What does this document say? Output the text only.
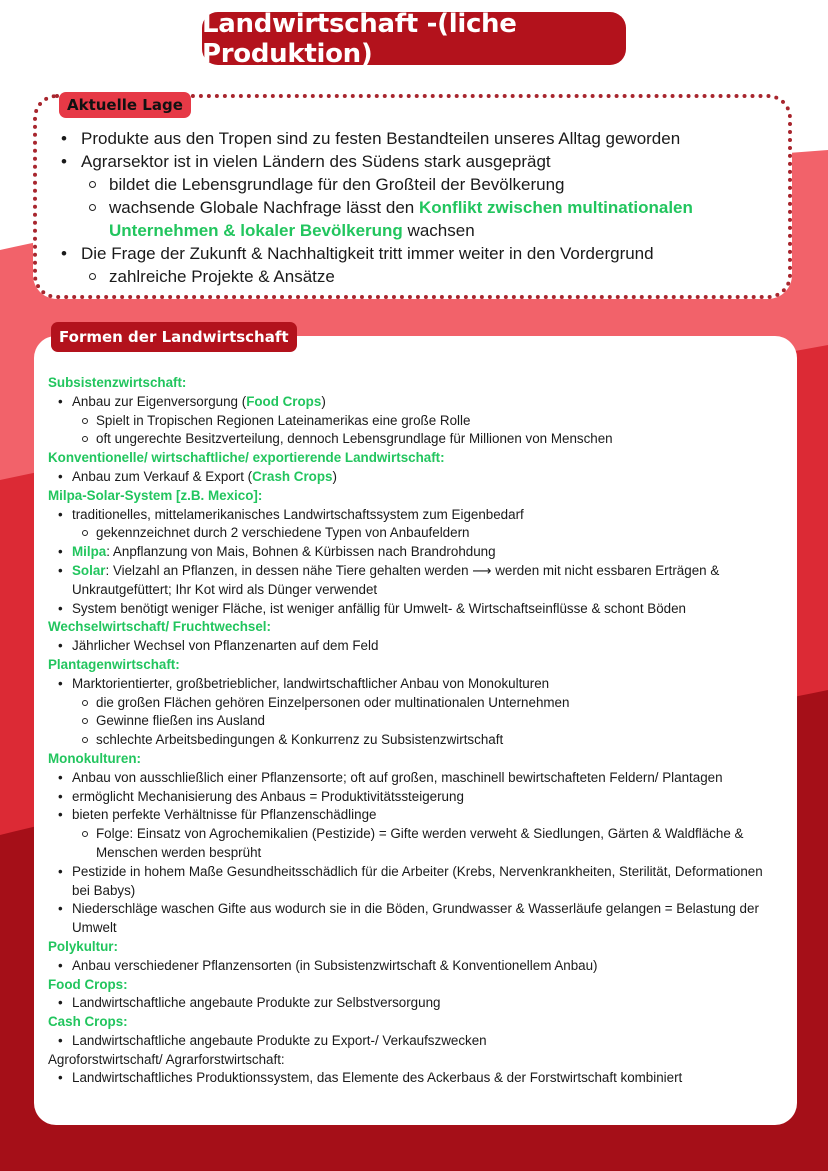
Landwirtschaft -(liche Produktion)
• Produkte aus den Tropen sind zu festen Bestandteilen unseres Alltag geworden
• Agrarsektor ist in vielen Ländern des Südens stark ausgeprägt
bildet die Lebensgrundlage für den Großteil der Bevölkerung
wachsende Globale Nachfrage lässt den Konflikt zwischen multinationalen Unternehmen & lokaler Bevölkerung wachsen
• Die Frage der Zukunft & Nachhaltigkeit tritt immer weiter in den Vordergrund
zahlreiche Projekte & Ansätze
Aktuelle Lage
Subsistenzwirtschaft:
• Anbau zur Eigenversorgung (Food Crops)
Spielt in Tropischen Regionen Lateinamerikas eine große Rolle
oft ungerechte Besitzverteilung, dennoch Lebensgrundlage für Millionen von Menschen
Konventionelle/ wirtschaftliche/ exportierende Landwirtschaft:
• Anbau zum Verkauf & Export (Crash Crops)
Milpa-Solar-System [z.B. Mexico]:
• traditionelles, mittelamerikanisches Landwirtschaftssystem zum Eigenbedarf
gekennzeichnet durch 2 verschiedene Typen von Anbaufeldern
• Milpa: Anpflanzung von Mais, Bohnen & Kürbissen nach Brandrohdung
• Solar: Vielzahl an Pflanzen, in dessen nähe Tiere gehalten werden ⟶ werden mit nicht essbaren Erträgen & Unkrautgefüttert; Ihr Kot wird als Dünger verwendet
• System benötigt weniger Fläche, ist weniger anfällig für Umwelt- & Wirtschaftseinflüsse & schont Böden
Wechselwirtschaft/ Fruchtwechsel:
• Jährlicher Wechsel von Pflanzenarten auf dem Feld
Plantagenwirtschaft:
• Marktorientierter, großbetrieblicher, landwirtschaftlicher Anbau von Monokulturen
die großen Flächen gehören Einzelpersonen oder multinationalen Unternehmen
Gewinne fließen ins Ausland
schlechte Arbeitsbedingungen & Konkurrenz zu Subsistenzwirtschaft
Monokulturen:
• Anbau von ausschließlich einer Pflanzensorte; oft auf großen, maschinell bewirtschafteten Feldern/ Plantagen
• ermöglicht Mechanisierung des Anbaus = Produktivitätssteigerung
• bieten perfekte Verhältnisse für Pflanzenschädlinge
Folge: Einsatz von Agrochemikalien (Pestizide) = Gifte werden verweht & Siedlungen, Gärten & Waldfläche & Menschen werden besprüht
• Pestizide in hohem Maße Gesundheitsschädlich für die Arbeiter (Krebs, Nervenkrankheiten, Sterilität, Deformationen bei Babys)
• Niederschläge waschen Gifte aus wodurch sie in die Böden, Grundwasser & Wasserläufe gelangen = Belastung der Umwelt
Polykultur:
• Anbau verschiedener Pflanzensorten (in Subsistenzwirtschaft & Konventionellem Anbau)
Food Crops:
• Landwirtschaftliche angebaute Produkte zur Selbstversorgung
Cash Crops:
• Landwirtschaftliche angebaute Produkte zu Export-/ Verkaufszwecken
Agroforstwirtschaft/ Agrarforstwirtschaft:
• Landwirtschaftliches Produktionssystem, das Elemente des Ackerbaus & der Forstwirtschaft kombiniert
Formen der Landwirtschaft
